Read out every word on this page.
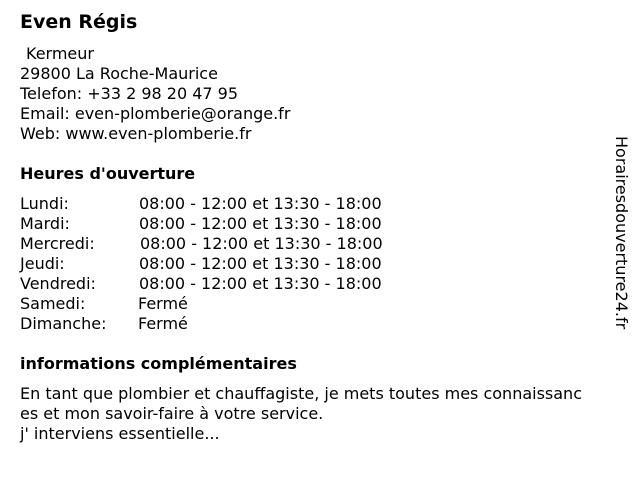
Even Régis
Kermeur
29800 La Roche-Maurice
Telefon: +33 2 98 20 47 95
Email: even-plomberie@orange.fr
Web: www.even-plomberie.fr
Heures d'ouverture
Lundi:	08:00 - 12:00 et 13:30 - 18:00
Mardi:	08:00 - 12:00 et 13:30 - 18:00
Mercredi:	08:00 - 12:00 et 13:30 - 18:00
Jeudi:	08:00 - 12:00 et 13:30 - 18:00
Vendredi:	08:00 - 12:00 et 13:30 - 18:00
Samedi:	Fermé
Dimanche: Fermé
informations complémentaires
En tant que plombier et chauffagiste, je mets toutes mes connaissanc
es et mon savoir-faire à votre service.
j' interviens essentielle...
Horairesdouverture24.fr
